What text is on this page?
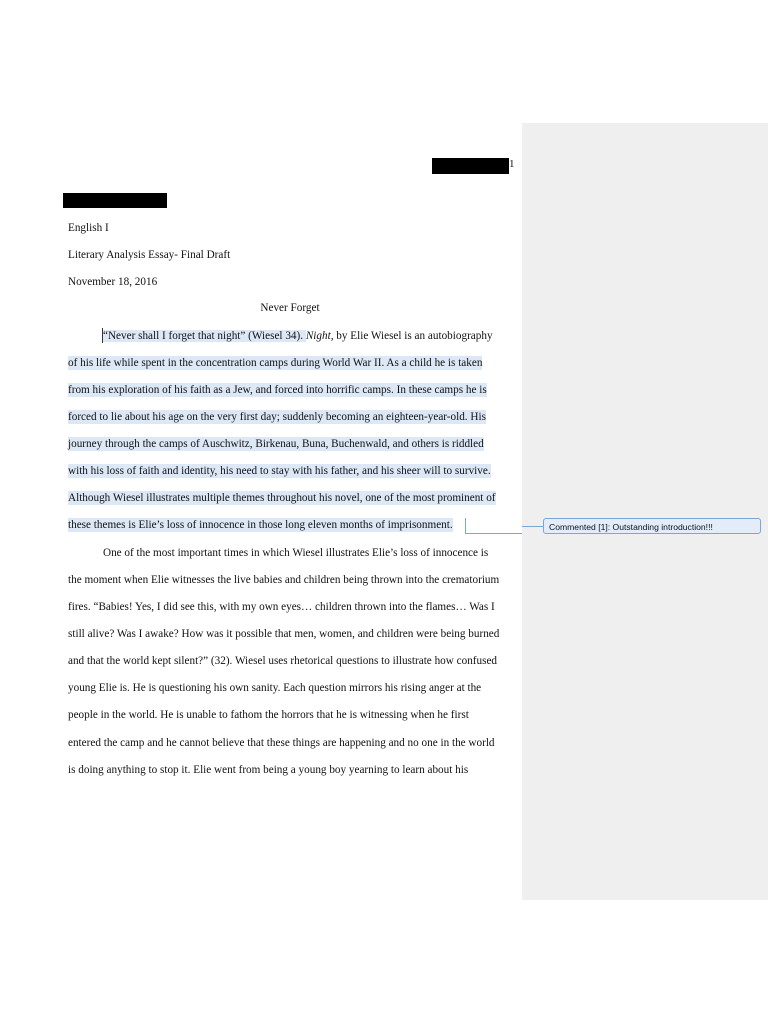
1
English I
Literary Analysis Essay- Final Draft
November 18, 2016
Never Forget
“Never shall I forget that night” (Wiesel 34). Night, by Elie Wiesel is an autobiography
of his life while spent in the concentration camps during World War II. As a child he is taken
from his exploration of his faith as a Jew, and forced into horrific camps. In these camps he is
forced to lie about his age on the very first day; suddenly becoming an eighteen-year-old. His
journey through the camps of Auschwitz, Birkenau, Buna, Buchenwald, and others is riddled
with his loss of faith and identity, his need to stay with his father, and his sheer will to survive.
Although Wiesel illustrates multiple themes throughout his novel, one of the most prominent of
these themes is Elie’s loss of innocence in those long eleven months of imprisonment.	Commented [1]: Outstanding introduction!!!
One of the most important times in which Wiesel illustrates Elie’s loss of innocence is
the moment when Elie witnesses the live babies and children being thrown into the crematorium
fires. “Babies! Yes, I did see this, with my own eyes… children thrown into the flames… Was I
still alive? Was I awake? How was it possible that men, women, and children were being burned
and that the world kept silent?” (32). Wiesel uses rhetorical questions to illustrate how confused
young Elie is. He is questioning his own sanity. Each question mirrors his rising anger at the
people in the world. He is unable to fathom the horrors that he is witnessing when he first
entered the camp and he cannot believe that these things are happening and no one in the world
is doing anything to stop it. Elie went from being a young boy yearning to learn about his
